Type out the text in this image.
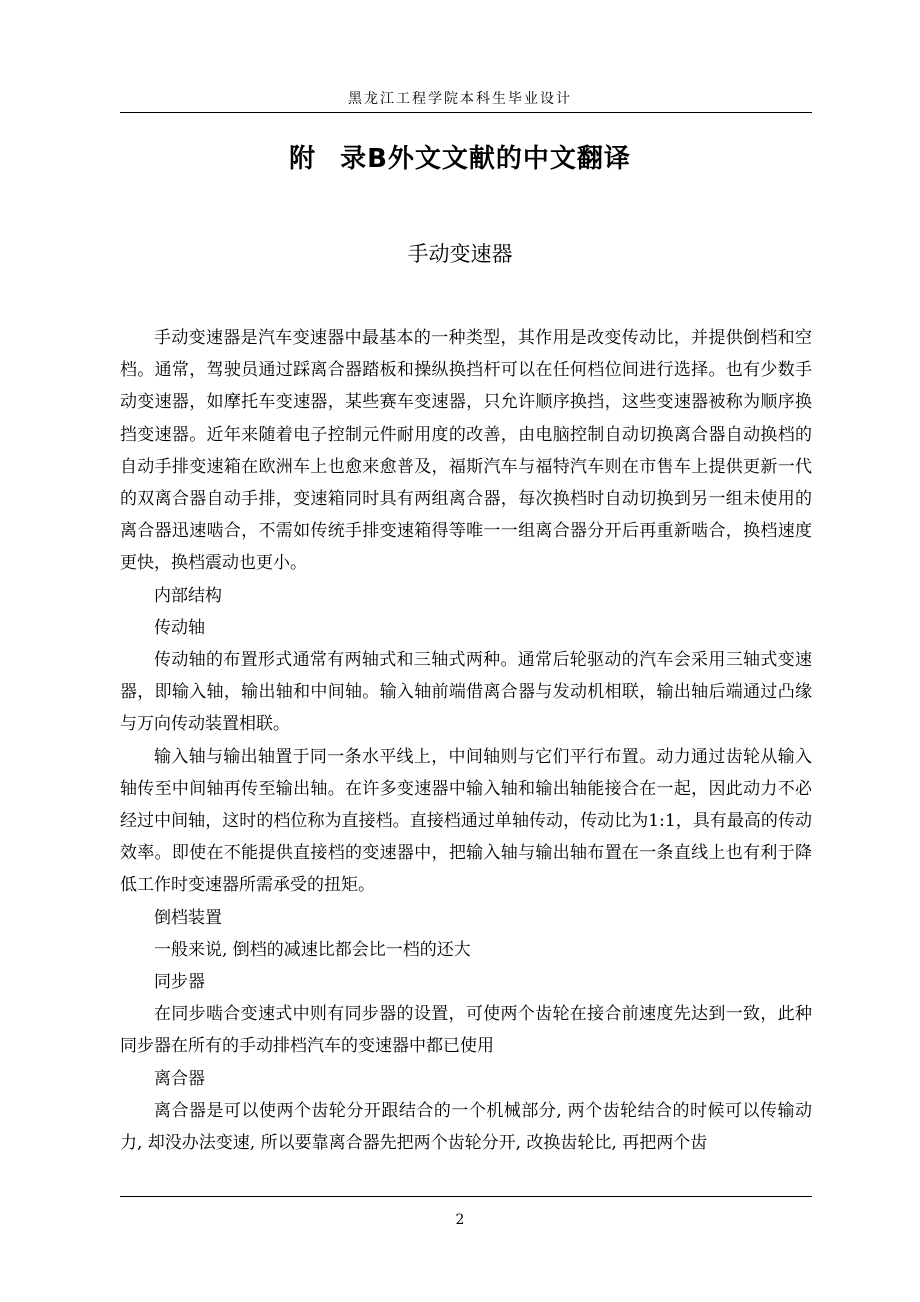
黑龙江工程学院本科生毕业设计
附 录B外文文献的中文翻译
手动变速器

手动变速器是汽车变速器中最基本的一种类型，其作用是改变传动比，并提供倒档和空档。通常，驾驶员通过踩离合器踏板和操纵换挡杆可以在任何档位间进行选择。也有少数手动变速器，如摩托车变速器，某些赛车变速器，只允许顺序换挡，这些变速器被称为顺序换挡变速器。近年来随着电子控制元件耐用度的改善，由电脑控制自动切换离合器自动换档的自动手排变速箱在欧洲车上也愈来愈普及，福斯汽车与福特汽车则在市售车上提供更新一代的双离合器自动手排，变速箱同时具有两组离合器，每次换档时自动切换到另一组未使用的离合器迅速啮合，不需如传统手排变速箱得等唯一一组离合器分开后再重新啮合，换档速度更快，换档震动也更小。

内部结构

传动轴

传动轴的布置形式通常有两轴式和三轴式两种。通常后轮驱动的汽车会采用三轴式变速器，即输入轴，输出轴和中间轴。输入轴前端借离合器与发动机相联，输出轴后端通过凸缘与万向传动装置相联。

输入轴与输出轴置于同一条水平线上，中间轴则与它们平行布置。动力通过齿轮从输入轴传至中间轴再传至输出轴。在许多变速器中输入轴和输出轴能接合在一起，因此动力不必经过中间轴，这时的档位称为直接档。直接档通过单轴传动，传动比为1:1，具有最高的传动效率。即使在不能提供直接档的变速器中，把输入轴与输出轴布置在一条直线上也有利于降低工作时变速器所需承受的扭矩。

倒档装置

一般来说, 倒档的减速比都会比一档的还大

同步器

在同步啮合变速式中则有同步器的设置，可使两个齿轮在接合前速度先达到一致，此种同步器在所有的手动排档汽车的变速器中都已使用

离合器

离合器是可以使两个齿轮分开跟结合的一个机械部分, 两个齿轮结合的时候可以传输动力, 却没办法变速, 所以要靠离合器先把两个齿轮分开, 改换齿轮比, 再把两个齿

2
